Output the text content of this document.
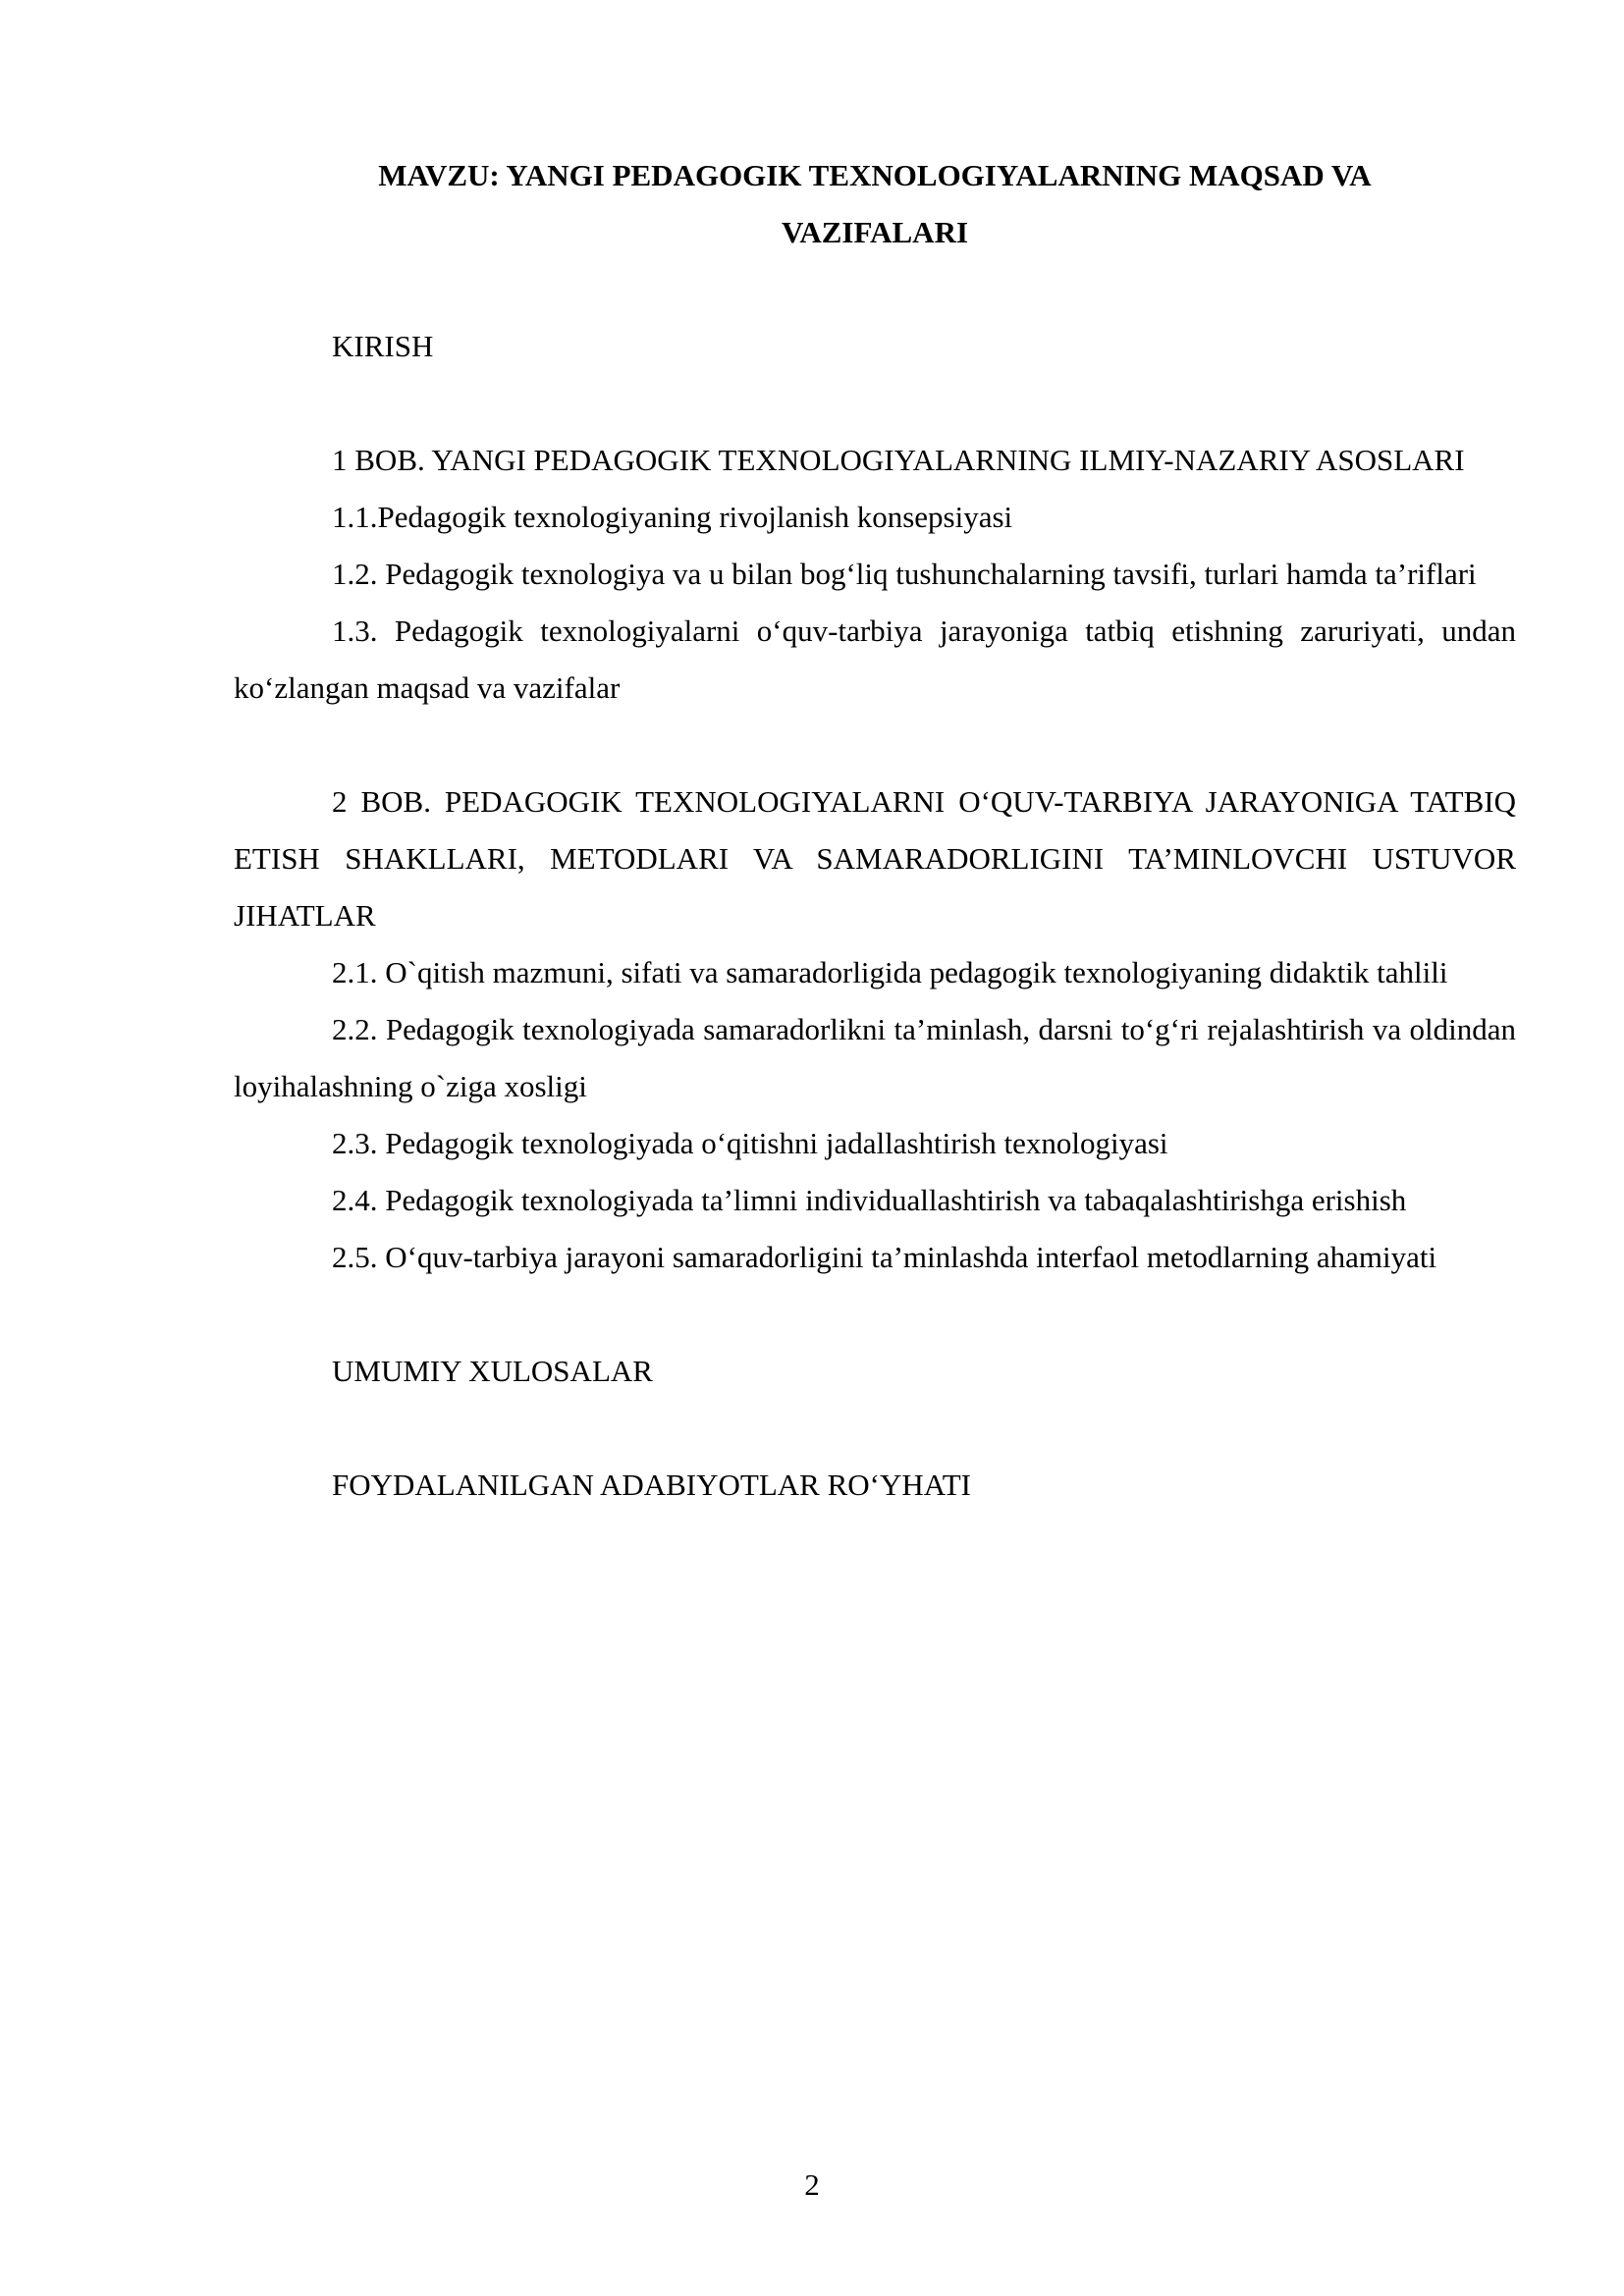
MAVZU: YANGI PEDAGOGIK TEXNOLOGIYALARNING MAQSAD VA
VAZIFALARI

KIRISH

1 BOB. YANGI PEDAGOGIK TEXNOLOGIYALARNING ILMIY-NAZARIY ASOSLARI

1.1.Pedagogik texnologiyaning rivojlanish konsepsiyasi

1.2. Pedagogik texnologiya va u bilan bog‘liq tushunchalarning tavsifi, turlari hamda ta’riflari

1.3. Pedagogik texnologiyalarni o‘quv-tarbiya jarayoniga tatbiq etishning zaruriyati, undan ko‘zlangan maqsad va vazifalar

2 BOB. PEDAGOGIK TEXNOLOGIYALARNI O‘QUV-TARBIYA JARAYONIGA TATBIQ ETISH SHAKLLARI, METODLARI VA SAMARADORLIGINI TA’MINLOVCHI USTUVOR JIHATLAR

2.1. O`qitish mazmuni, sifati va samaradorligida pedagogik texnologiyaning didaktik tahlili

2.2. Pedagogik texnologiyada samaradorlikni ta’minlash, darsni to‘g‘ri rejalashtirish va oldindan loyihalashning o`ziga xosligi

2.3. Pedagogik texnologiyada o‘qitishni jadallashtirish texnologiyasi

2.4. Pedagogik texnologiyada ta’limni individuallashtirish va tabaqalashtirishga erishish

2.5. O‘quv-tarbiya jarayoni samaradorligini ta’minlashda interfaol metodlarning ahamiyati

UMUMIY XULOSALAR

FOYDALANILGAN ADABIYOTLAR RO‘YHATI

2
